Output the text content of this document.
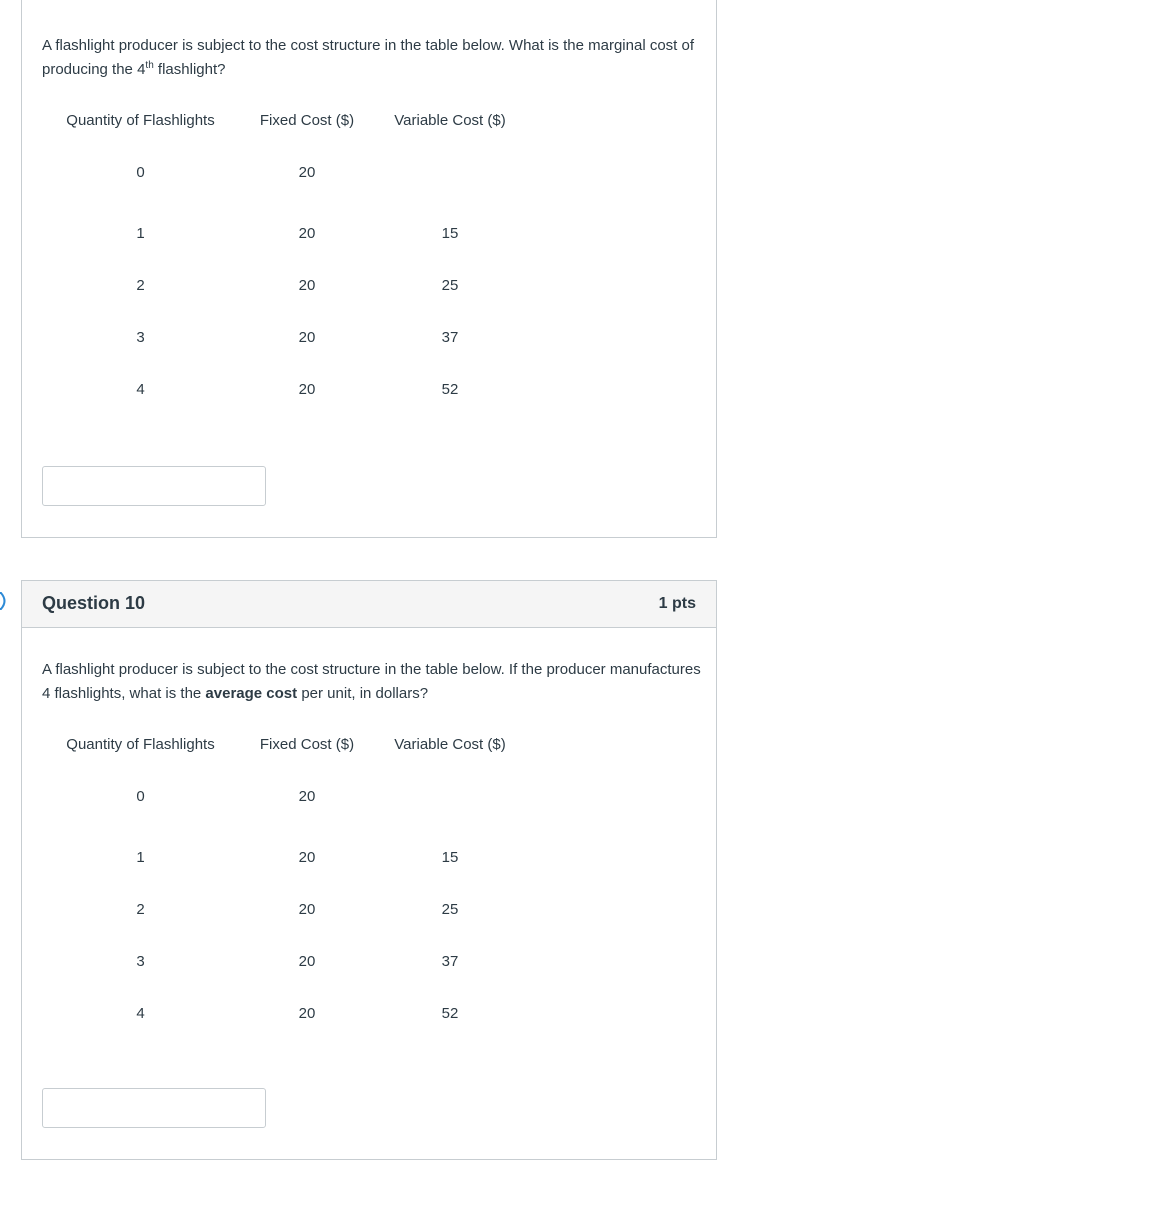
A flashlight producer is subject to the cost structure in the table below. What is the marginal cost of producing the 4th flashlight?
Quantity of Flashlights	Fixed Cost ($)	Variable Cost ($)
0	20	
1	20	15
2	20	25
3	20	37
4	20	52
Question 10	1 pts
A flashlight producer is subject to the cost structure in the table below. If the producer manufactures 4 flashlights, what is the average cost per unit, in dollars?
Quantity of Flashlights	Fixed Cost ($)	Variable Cost ($)
0	20	
1	20	15
2	20	25
3	20	37
4	20	52
